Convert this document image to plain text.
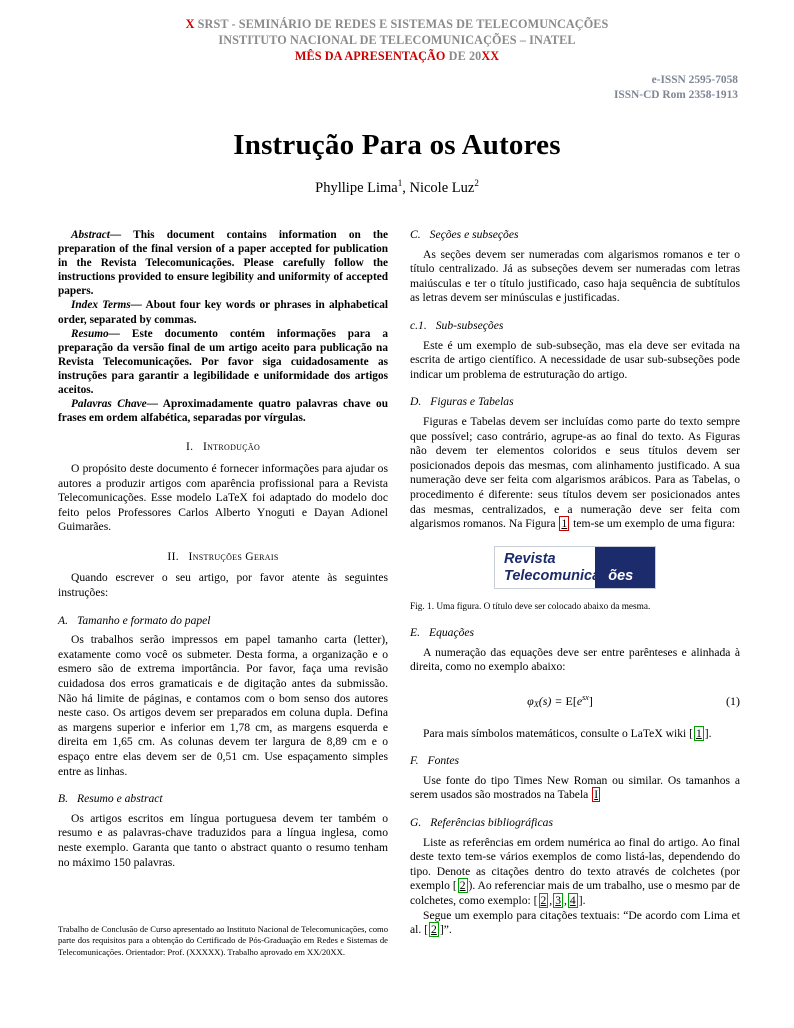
X SRST - SEMINÁRIO DE REDES E SISTEMAS DE TELECOMUNCAÇÕES
INSTITUTO NACIONAL DE TELECOMUNICAÇÕES – INATEL
MÊS DA APRESENTAÇÃO DE 20XX
e-ISSN 2595-7058
ISSN-CD Rom 2358-1913
Instrução Para os Autores
Phyllipe Lima$^1$, Nicole Luz$^2$

Abstract— This document contains information on the preparation of the final version of a paper accepted for publication in the Revista Telecomunicações. Please carefully follow the instructions provided to ensure legibility and uniformity of accepted papers.

Index Terms— About four key words or phrases in alphabetical order, separated by commas.

Resumo— Este documento contém informações para a preparação da versão final de um artigo aceito para publicação na Revista Telecomunicações. Por favor siga cuidadosamente as instruções para garantir a legibilidade e uniformidade dos artigos aceitos.

Palavras Chave— Aproximadamente quatro palavras chave ou frases em ordem alfabética, separadas por vírgulas.

I. Introdução

O propósito deste documento é fornecer informações para ajudar os autores a produzir artigos com aparência profissional para a Revista Telecomunicações. Esse modelo LaTeX foi adaptado do modelo doc feito pelos Professores Carlos Alberto Ynoguti e Dayan Adionel Guimarães.

II. Instruções Gerais

Quando escrever o seu artigo, por favor atente às seguintes instruções:

A. Tamanho e formato do papel

Os trabalhos serão impressos em papel tamanho carta (letter), exatamente como você os submeter. Desta forma, a organização e o esmero são de extrema importância. Por favor, faça uma revisão cuidadosa dos erros gramaticais e de digitação antes da submissão. Não há limite de páginas, e contamos com o bom senso dos autores neste caso. Os artigos devem ser preparados em coluna dupla. Defina as margens superior e inferior em 1,78 cm, as margens esquerda e direita em 1,65 cm. As colunas devem ter largura de 8,89 cm e o espaço entre elas devem ser de 0,51 cm. Use espaçamento simples entre as linhas.

B. Resumo e abstract

Os artigos escritos em língua portuguesa devem ter também o resumo e as palavras-chave traduzidos para a língua inglesa, como neste exemplo. Garanta que tanto o abstract quanto o resumo tenham no máximo 150 palavras.

C. Seções e subseções

As seções devem ser numeradas com algarismos romanos e ter o título centralizado. Já as subseções devem ser numeradas com letras maiúsculas e ter o título justificado, caso haja sequência de subtítulos as letras devem ser minúsculas e justificadas.

c.1. Sub-subseções

Este é um exemplo de sub-subseção, mas ela deve ser evitada na escrita de artigo científico. A necessidade de usar sub-subseções pode indicar um problema de estruturação do artigo.

D. Figuras e Tabelas

Figuras e Tabelas devem ser incluídas como parte do texto sempre que possível; caso contrário, agrupe-as ao final do texto. As Figuras não devem ter elementos coloridos e seus títulos devem ser posicionados depois das mesmas, com alinhamento justificado. A sua numeração deve ser feita com algarismos arábicos. Para as Tabelas, o procedimento é diferente: seus títulos devem ser posicionados antes das mesmas, centralizados, e a numeração deve ser feita com algarismos romanos. Na Figura 1 tem-se um exemplo de uma figura:

Revista
Telecomunicações
Fig. 1. Uma figura. O título deve ser colocado abaixo da mesma.
E. Equações

A numeração das equações deve ser entre parênteses e alinhada à direita, como no exemplo abaixo:

$\varphi_X(s) = E[e^{sx}]$	(1)

Para mais símbolos matemáticos, consulte o LaTeX wiki [ 1 ].

F. Fontes

Use fonte do tipo Times New Roman ou similar. Os tamanhos a serem usados são mostrados na Tabela I

G. Referências bibliográficas

Liste as referências em ordem numérica ao final do artigo. Ao final deste texto tem-se vários exemplos de como listá-las, dependendo do tipo. Denote as citações dentro do texto através de colchetes (por exemplo [ 2 ). Ao referenciar mais de um trabalho, use o mesmo par de colchetes, como exemplo: [ 2 , 3 , 4 ].

Segue um exemplo para citações textuais: “De acordo com Lima et al. [ 2 ]”.

Trabalho de Conclusão de Curso apresentado ao Instituto Nacional de Telecomunicações, como parte dos requisitos para a obtenção do Certificado de Pós-Graduação em Redes e Sistemas de Telecomunicações. Orientador: Prof. (XXXXX). Trabalho aprovado em XX/20XX.
